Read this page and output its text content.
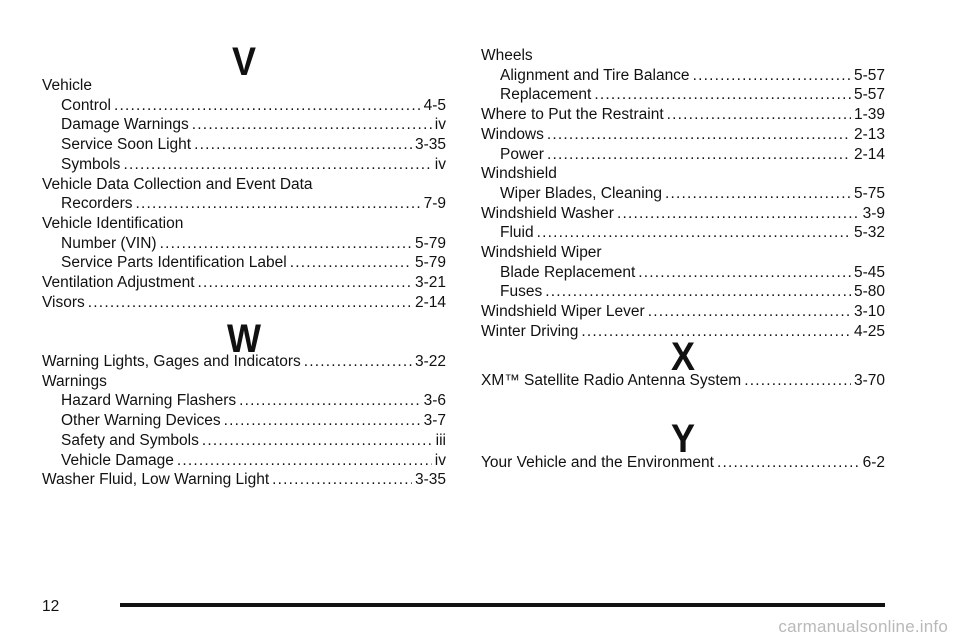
V
Vehicle
Control .....	4-5
Damage Warnings .....	iv
Service Soon Light .....	3-35
Symbols .....	iv
Vehicle Data Collection and Event Data
Recorders .....	7-9
Vehicle Identification
Number (VIN) .....	5-79
Service Parts Identification Label .....	5-79
Ventilation Adjustment .....	3-21
Visors .....	2-14
W
Warning Lights, Gages and Indicators .....	3-22
Warnings
Hazard Warning Flashers .....	3-6
Other Warning Devices .....	3-7
Safety and Symbols .....	iii
Vehicle Damage .....	iv
Washer Fluid, Low Warning Light .....	3-35
Wheels
Alignment and Tire Balance .....	5-57
Replacement .....	5-57
Where to Put the Restraint .....	1-39
Windows .....	2-13
Power .....	2-14
Windshield
Wiper Blades, Cleaning .....	5-75
Windshield Washer .....	3-9
Fluid .....	5-32
Windshield Wiper
Blade Replacement .....	5-45
Fuses .....	5-80
Windshield Wiper Lever .....	3-10
Winter Driving .....	4-25
X
XM™ Satellite Radio Antenna System .....	3-70
Y
Your Vehicle and the Environment .....	6-2
12
carmanualsonline.info
